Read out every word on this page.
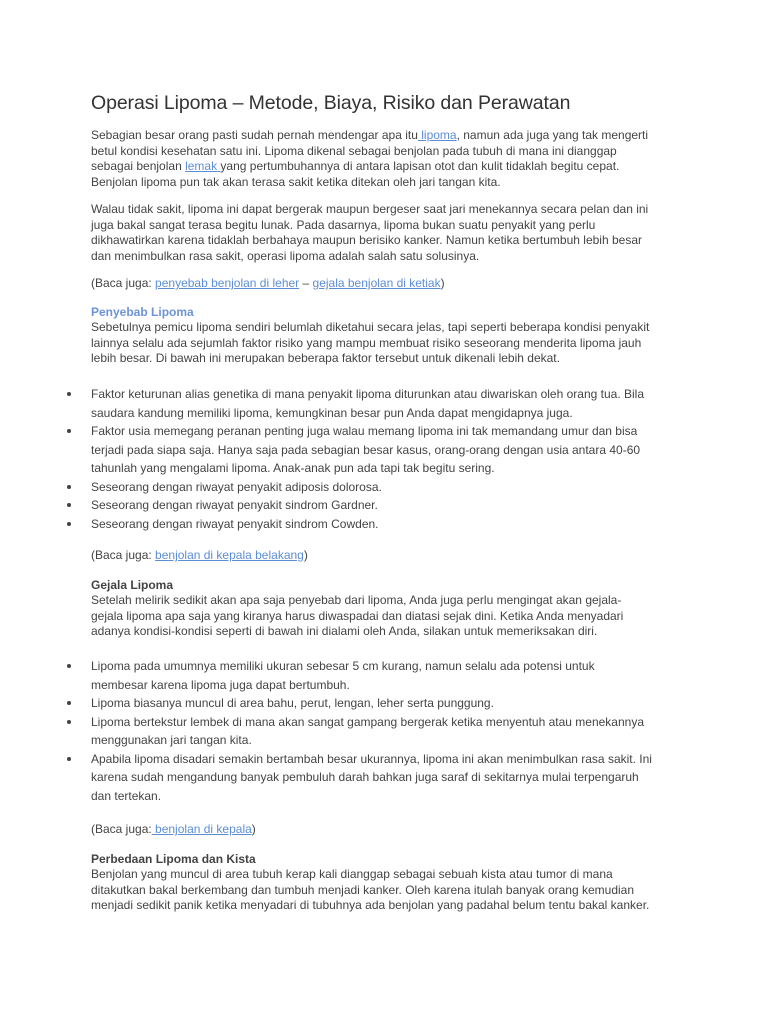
Operasi Lipoma – Metode, Biaya, Risiko dan Perawatan
Sebagian besar orang pasti sudah pernah mendengar apa itu lipoma, namun ada juga yang tak mengerti
betul kondisi kesehatan satu ini. Lipoma dikenal sebagai benjolan pada tubuh di mana ini dianggap
sebagai benjolan lemak yang pertumbuhannya di antara lapisan otot dan kulit tidaklah begitu cepat.
Benjolan lipoma pun tak akan terasa sakit ketika ditekan oleh jari tangan kita.
Walau tidak sakit, lipoma ini dapat bergerak maupun bergeser saat jari menekannya secara pelan dan ini
juga bakal sangat terasa begitu lunak. Pada dasarnya, lipoma bukan suatu penyakit yang perlu
dikhawatirkan karena tidaklah berbahaya maupun berisiko kanker. Namun ketika bertumbuh lebih besar
dan menimbulkan rasa sakit, operasi lipoma adalah salah satu solusinya.
(Baca juga: penyebab benjolan di leher – gejala benjolan di ketiak)
Penyebab Lipoma
Sebetulnya pemicu lipoma sendiri belumlah diketahui secara jelas, tapi seperti beberapa kondisi penyakit
lainnya selalu ada sejumlah faktor risiko yang mampu membuat risiko seseorang menderita lipoma jauh
lebih besar. Di bawah ini merupakan beberapa faktor tersebut untuk dikenali lebih dekat.
Faktor keturunan alias genetika di mana penyakit lipoma diturunkan atau diwariskan oleh orang tua. Bila
saudara kandung memiliki lipoma, kemungkinan besar pun Anda dapat mengidapnya juga.
Faktor usia memegang peranan penting juga walau memang lipoma ini tak memandang umur dan bisa
terjadi pada siapa saja. Hanya saja pada sebagian besar kasus, orang-orang dengan usia antara 40-60
tahunlah yang mengalami lipoma. Anak-anak pun ada tapi tak begitu sering.
Seseorang dengan riwayat penyakit adiposis dolorosa.
Seseorang dengan riwayat penyakit sindrom Gardner.
Seseorang dengan riwayat penyakit sindrom Cowden.
(Baca juga: benjolan di kepala belakang)
Gejala Lipoma
Setelah melirik sedikit akan apa saja penyebab dari lipoma, Anda juga perlu mengingat akan gejala-
gejala lipoma apa saja yang kiranya harus diwaspadai dan diatasi sejak dini. Ketika Anda menyadari
adanya kondisi-kondisi seperti di bawah ini dialami oleh Anda, silakan untuk memeriksakan diri.
Lipoma pada umumnya memiliki ukuran sebesar 5 cm kurang, namun selalu ada potensi untuk
membesar karena lipoma juga dapat bertumbuh.
Lipoma biasanya muncul di area bahu, perut, lengan, leher serta punggung.
Lipoma bertekstur lembek di mana akan sangat gampang bergerak ketika menyentuh atau menekannya
menggunakan jari tangan kita.
Apabila lipoma disadari semakin bertambah besar ukurannya, lipoma ini akan menimbulkan rasa sakit. Ini
karena sudah mengandung banyak pembuluh darah bahkan juga saraf di sekitarnya mulai terpengaruh
dan tertekan.
(Baca juga: benjolan di kepala)
Perbedaan Lipoma dan Kista
Benjolan yang muncul di area tubuh kerap kali dianggap sebagai sebuah kista atau tumor di mana
ditakutkan bakal berkembang dan tumbuh menjadi kanker. Oleh karena itulah banyak orang kemudian
menjadi sedikit panik ketika menyadari di tubuhnya ada benjolan yang padahal belum tentu bakal kanker.
